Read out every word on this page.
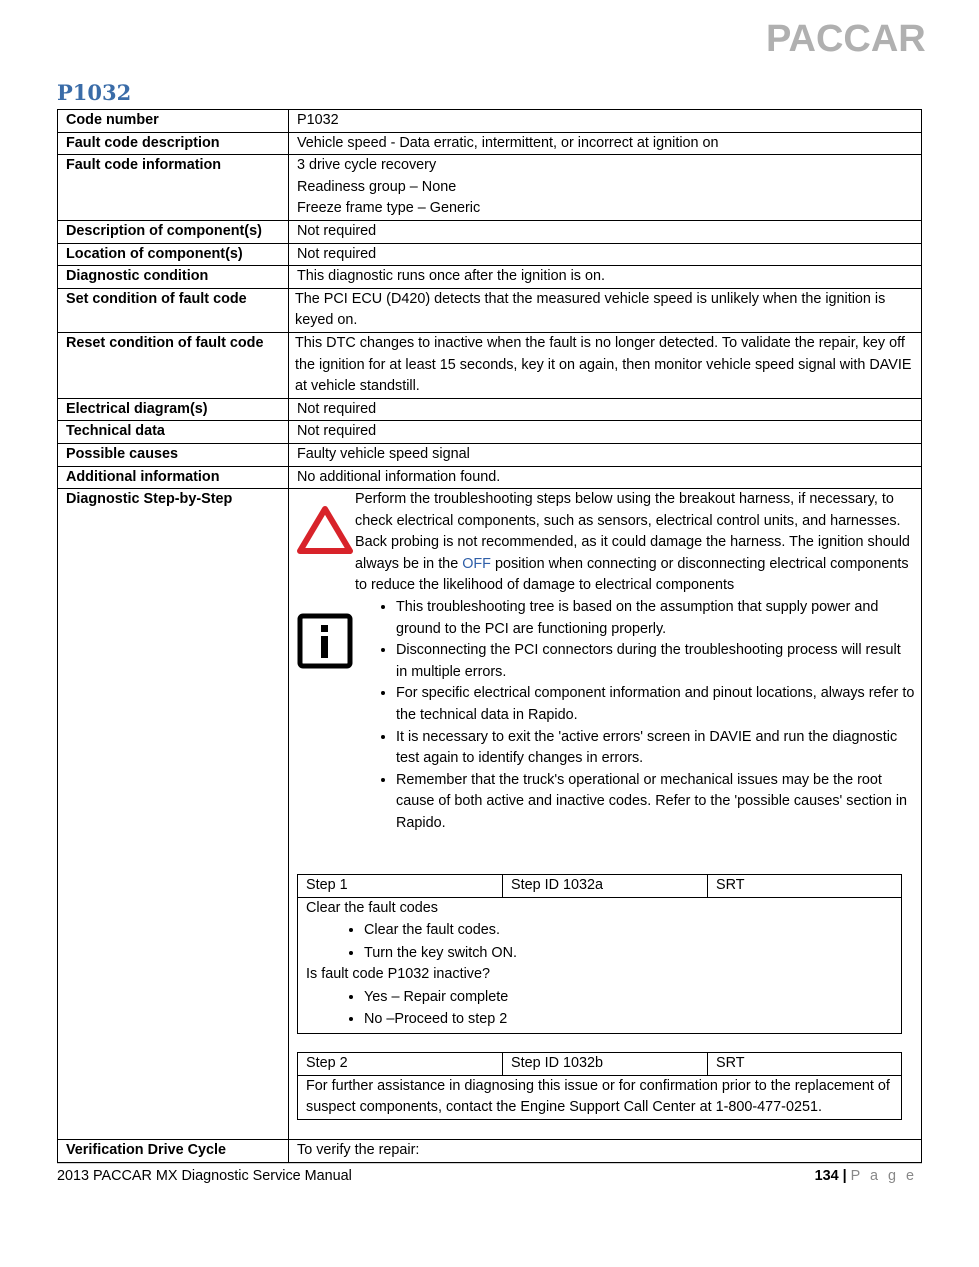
PACCAR
P1032
Code number	P1032
Fault code description	Vehicle speed - Data erratic, intermittent, or incorrect at ignition on
Fault code information	3 drive cycle recovery
Readiness group – None
Freeze frame type – Generic

Description of component(s)	Not required
Location of component(s)	Not required
Diagnostic condition	This diagnostic runs once after the ignition is on.
Set condition of fault code	The PCI ECU (D420) detects that the measured vehicle speed is unlikely when the ignition is keyed on.
Reset condition of fault code	This DTC changes to inactive when the fault is no longer detected. To validate the repair, key off the ignition for at least 15 seconds, key it on again, then monitor vehicle speed signal with DAVIE at vehicle standstill.
Electrical diagram(s)	Not required
Technical data	Not required
Possible causes	Faulty vehicle speed signal
Additional information	No additional information found.
Diagnostic Step-by-Step	Perform the troubleshooting steps below using the breakout harness, if necessary, to check electrical components, such as sensors, electrical control units, and harnesses. Back probing is not recommended, as it could damage the harness. The ignition should always be in the OFF position when connecting or disconnecting electrical components to reduce the likelihood of damage to electrical components
• This troubleshooting tree is based on the assumption that supply power and ground to the PCI are functioning properly.
• Disconnecting the PCI connectors during the troubleshooting process will result in multiple errors.
• For specific electrical component information and pinout locations, always refer to the technical data in Rapido.
• It is necessary to exit the 'active errors' screen in DAVIE and run the diagnostic test again to identify changes in errors.
• Remember that the truck's operational or mechanical issues may be the root cause of both active and inactive codes. Refer to the 'possible causes' section in Rapido.
Step 1	Step ID 1032a	SRT

Clear the fault codes
• Clear the fault codes.
• Turn the key switch ON.
Is fault code P1032 inactive?
• Yes – Repair complete
• No –Proceed to step 2
Step 2	Step ID 1032b	SRT
For further assistance in diagnosing this issue or for confirmation prior to the replacement of suspect components, contact the Engine Support Call Center at 1-800-477-0251.

Verification Drive Cycle	To verify the repair:
2013 PACCAR MX Diagnostic Service Manual	134 | P a g e
